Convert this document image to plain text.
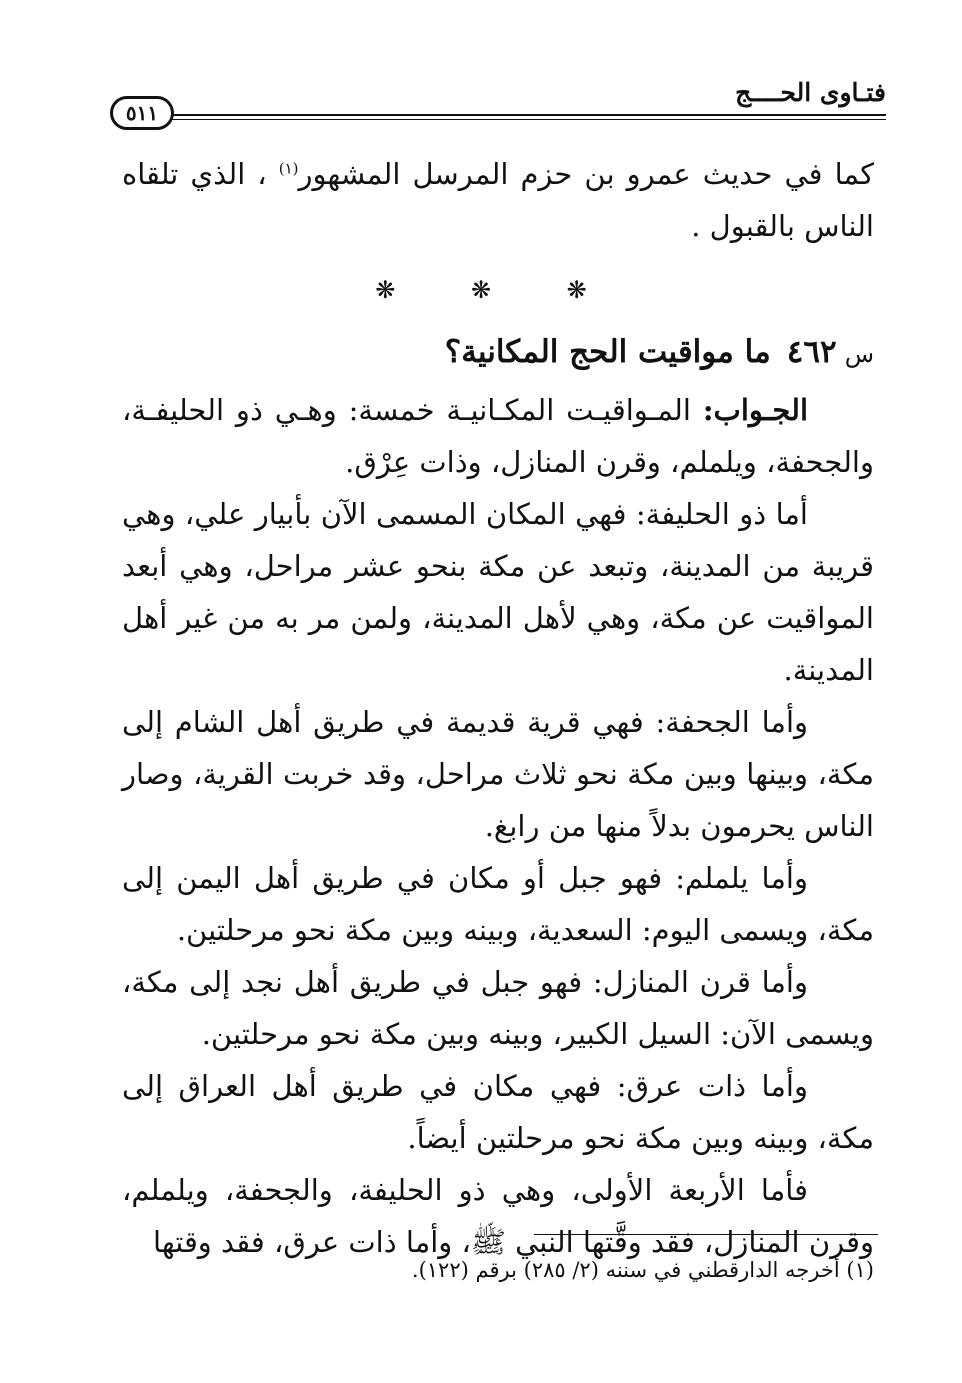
فتـاوى الحــــج
٥١١

كما في حديث عمرو بن حزم المرسل المشهور$^{(١)}$ ، الذي تلقاه الناس بالقبول .

❋ ❋ ❋
س٤٦٢ما مواقيت الحج المكانية؟

الجـواب: المـواقيـت المكـانيـة خمسة: وهـي ذو الحليفـة، والجحفة، ويلملم، وقرن المنازل، وذات عِرْق.

أما ذو الحليفة: فهي المكان المسمى الآن بأبيار علي، وهي قريبة من المدينة، وتبعد عن مكة بنحو عشر مراحل، وهي أبعد المواقيت عن مكة، وهي لأهل المدينة، ولمن مر به من غير أهل المدينة.

وأما الجحفة: فهي قرية قديمة في طريق أهل الشام إلى مكة، وبينها وبين مكة نحو ثلاث مراحل، وقد خربت القرية، وصار الناس يحرمون بدلاً منها من رابغ.

وأما يلملم: فهو جبل أو مكان في طريق أهل اليمن إلى مكة، ويسمى اليوم: السعدية، وبينه وبين مكة نحو مرحلتين.

وأما قرن المنازل: فهو جبل في طريق أهل نجد إلى مكة، ويسمى الآن: السيل الكبير، وبينه وبين مكة نحو مرحلتين.

وأما ذات عرق: فهي مكان في طريق أهل العراق إلى مكة، وبينه وبين مكة نحو مرحلتين أيضاً.

فأما الأربعة الأولى، وهي ذو الحليفة، والجحفة، ويلملم، وقرن المنازل، فقد وقَّتها النبي ﷺ، وأما ذات عرق، فقد وقتها

(١) أخرجه الدارقطني في سننه (٢/ ٢٨٥) برقم (١٢٢).
